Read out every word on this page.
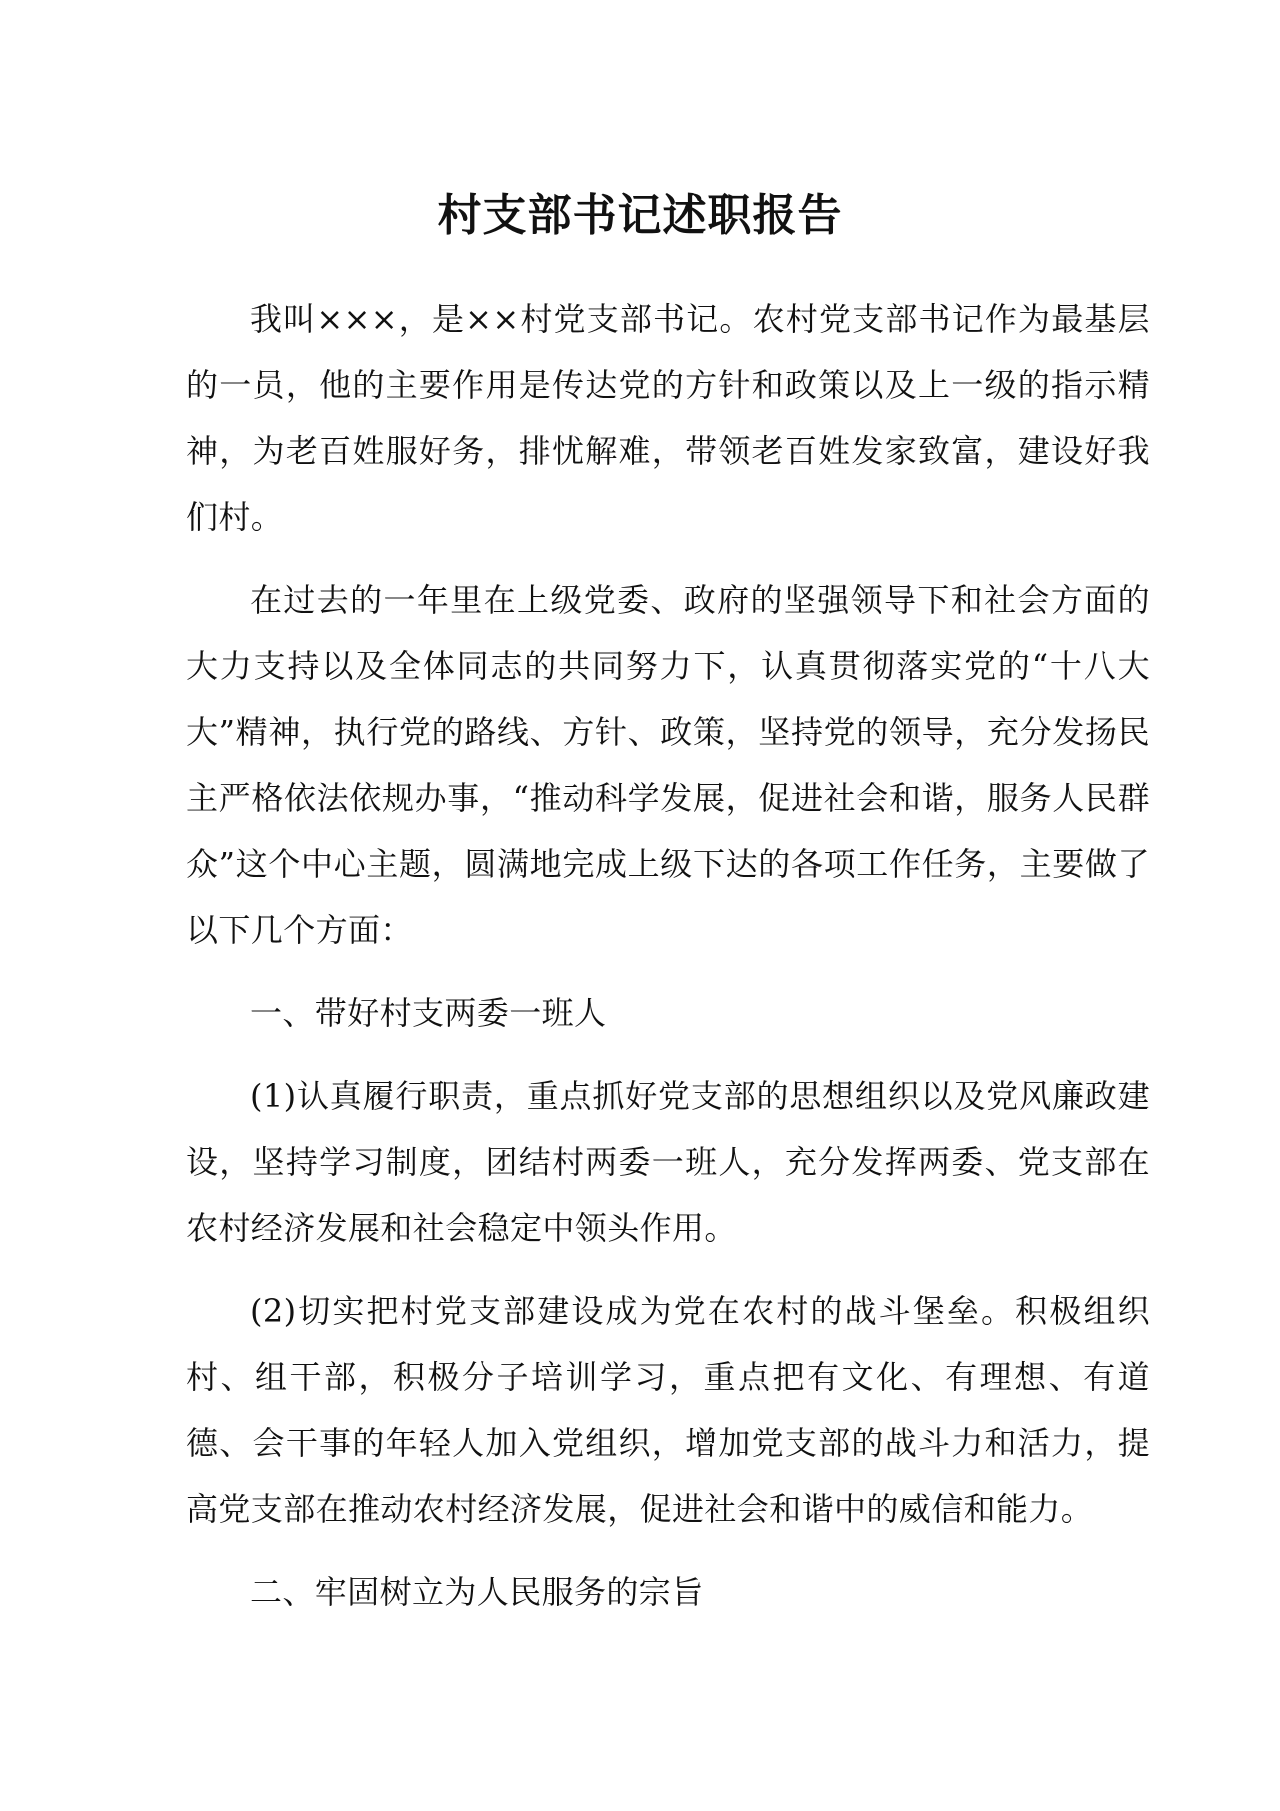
村支部书记述职报告

我叫×××，是××村党支部书记。农村党支部书记作为最基层的一员，他的主要作用是传达党的方针和政策以及上一级的指示精神，为老百姓服好务，排忧解难，带领老百姓发家致富，建设好我们村。

在过去的一年里在上级党委、政府的坚强领导下和社会方面的大力支持以及全体同志的共同努力下，认真贯彻落实党的“十八大大”精神，执行党的路线、方针、政策，坚持党的领导，充分发扬民主严格依法依规办事，“推动科学发展，促进社会和谐，服务人民群众”这个中心主题，圆满地完成上级下达的各项工作任务，主要做了以下几个方面：

一、带好村支两委一班人

(1)认真履行职责，重点抓好党支部的思想组织以及党风廉政建设，坚持学习制度，团结村两委一班人，充分发挥两委、党支部在农村经济发展和社会稳定中领头作用。

(2)切实把村党支部建设成为党在农村的战斗堡垒。积极组织村、组干部，积极分子培训学习，重点把有文化、有理想、有道德、会干事的年轻人加入党组织，增加党支部的战斗力和活力，提高党支部在推动农村经济发展，促进社会和谐中的威信和能力。

二、牢固树立为人民服务的宗旨
